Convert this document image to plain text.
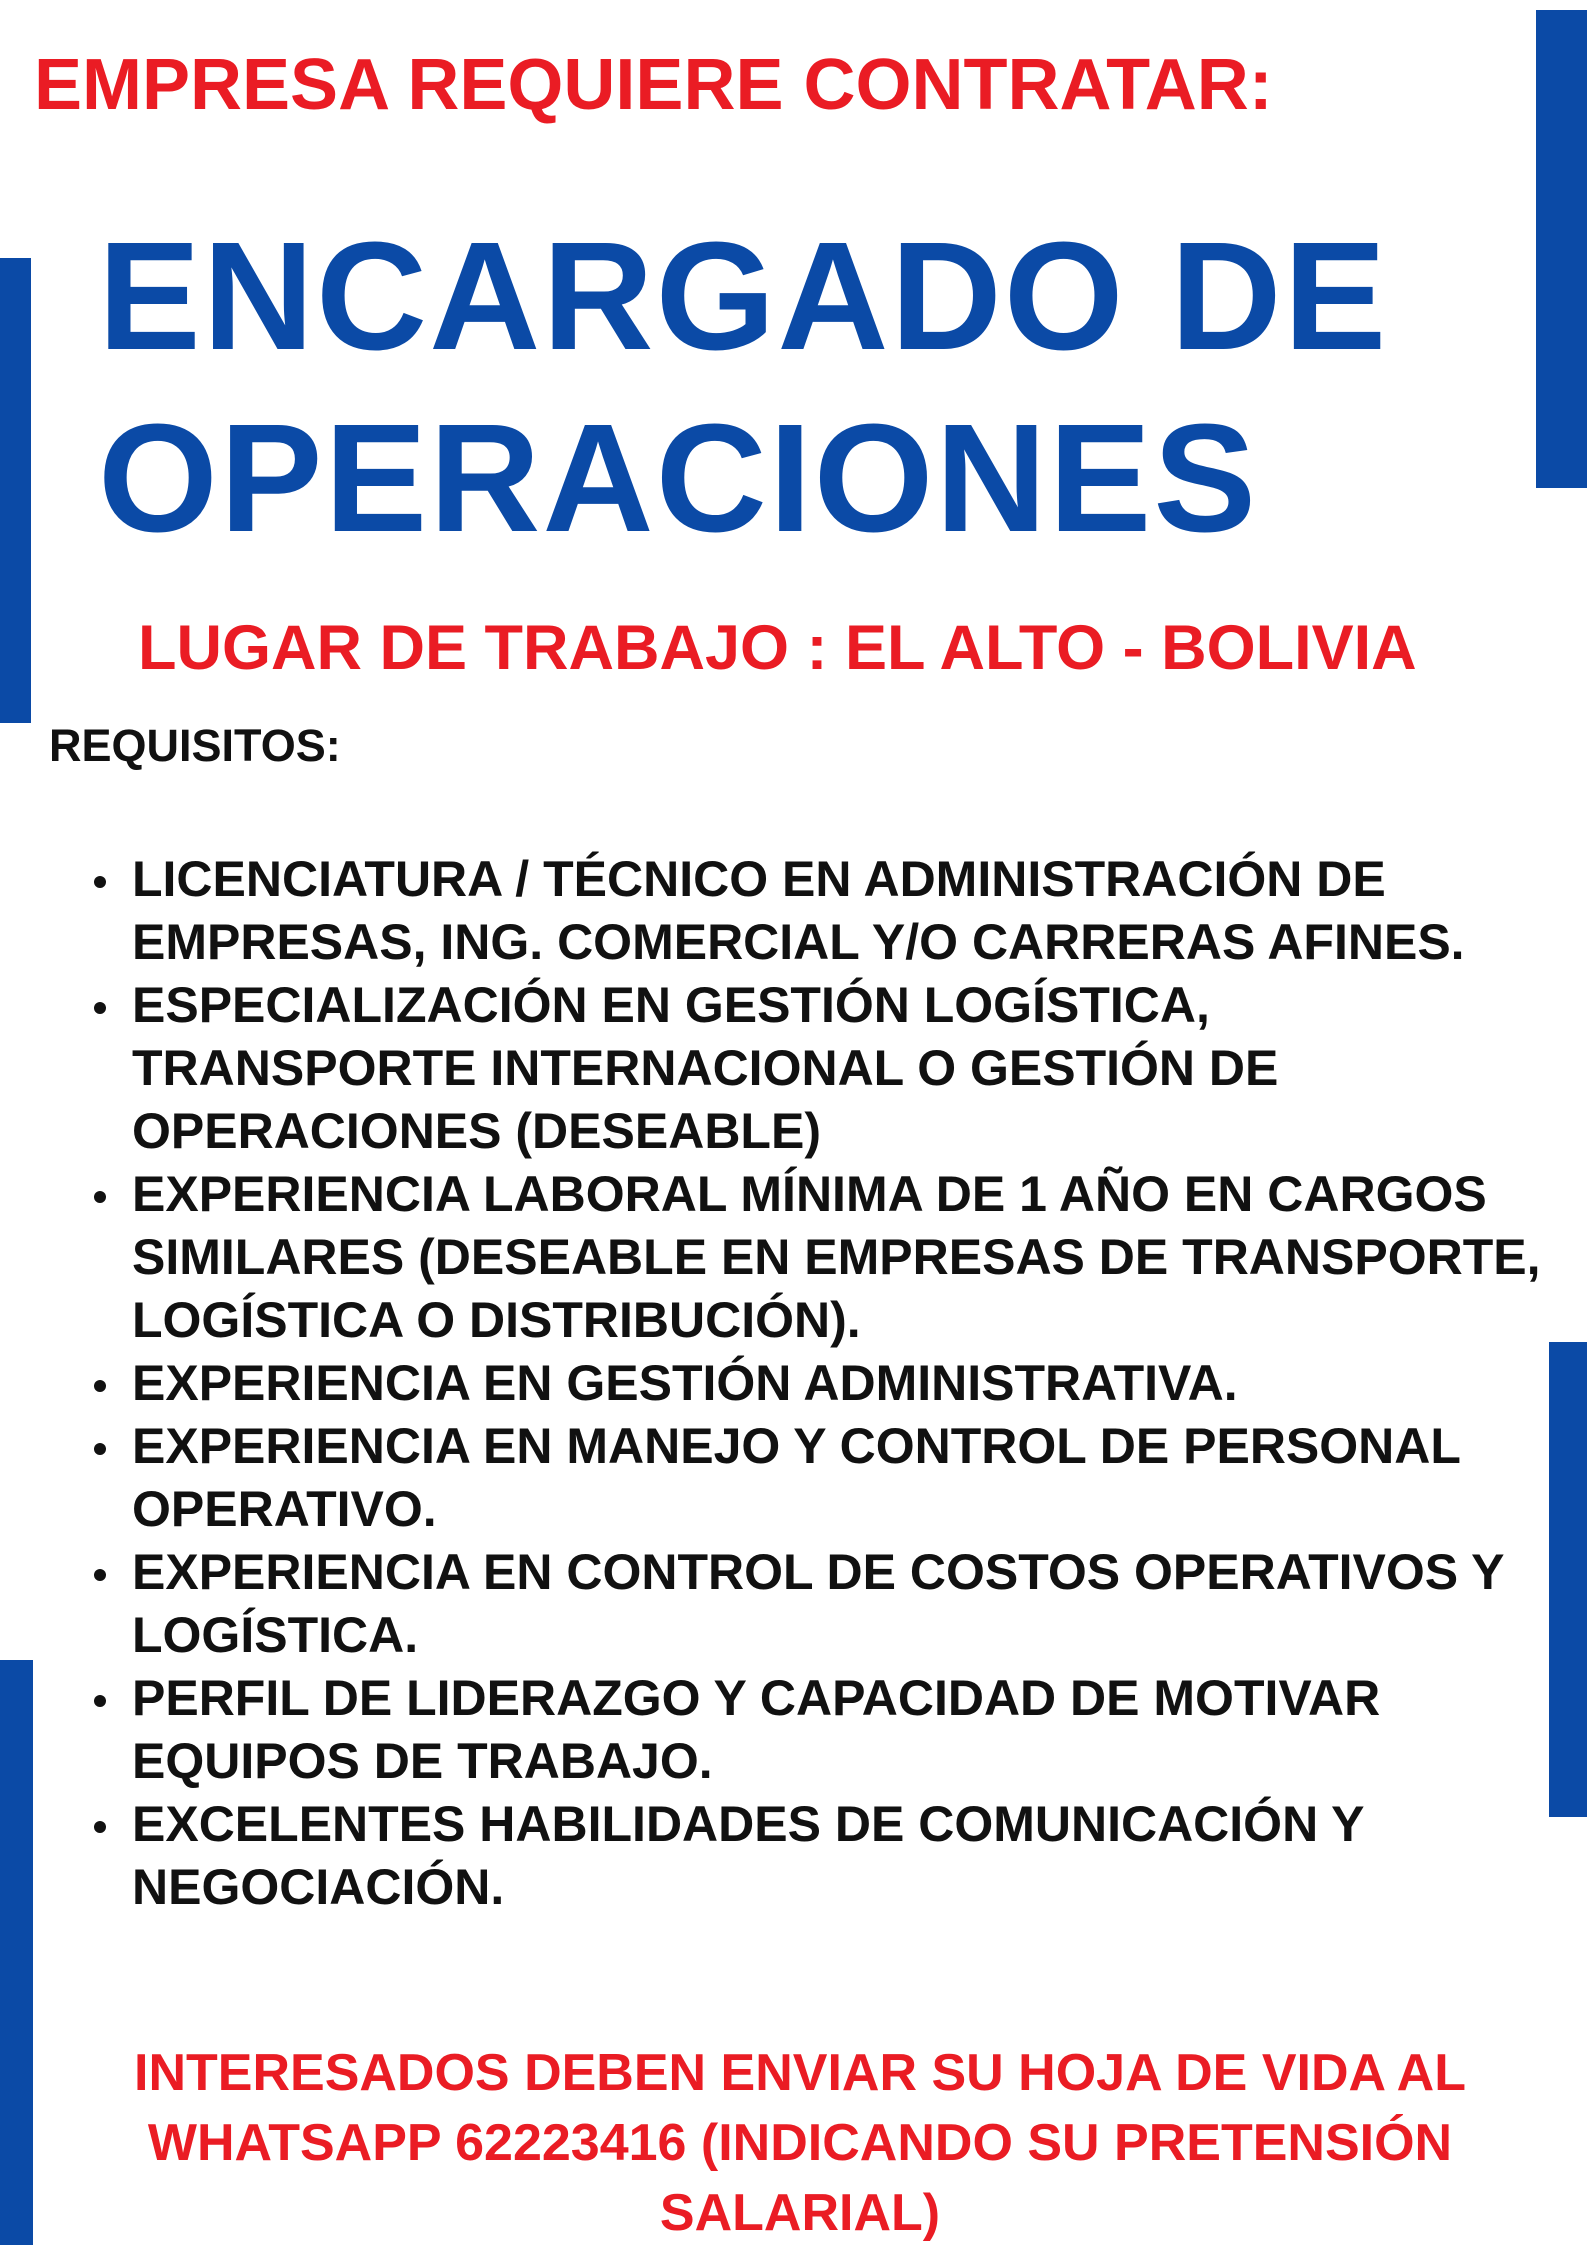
EMPRESA REQUIERE CONTRATAR:
ENCARGADO DE
OPERACIONES
LUGAR DE TRABAJO : EL ALTO - BOLIVIA
REQUISITOS:
LICENCIATURA / TÉCNICO EN ADMINISTRACIÓN DE EMPRESAS, ING. COMERCIAL Y/O CARRERAS AFINES.
ESPECIALIZACIÓN EN GESTIÓN LOGÍSTICA, TRANSPORTE INTERNACIONAL O GESTIÓN DE OPERACIONES (DESEABLE)
EXPERIENCIA LABORAL MÍNIMA DE 1 AÑO EN CARGOS SIMILARES (DESEABLE EN EMPRESAS DE TRANSPORTE, LOGÍSTICA O DISTRIBUCIÓN).
EXPERIENCIA EN GESTIÓN ADMINISTRATIVA.
EXPERIENCIA EN MANEJO Y CONTROL DE PERSONAL OPERATIVO.
EXPERIENCIA EN CONTROL DE COSTOS OPERATIVOS Y LOGÍSTICA.
PERFIL DE LIDERAZGO Y CAPACIDAD DE MOTIVAR EQUIPOS DE TRABAJO.
EXCELENTES HABILIDADES DE COMUNICACIÓN Y NEGOCIACIÓN.
INTERESADOS DEBEN ENVIAR SU HOJA DE VIDA AL WHATSAPP 62223416 (INDICANDO SU PRETENSIÓN SALARIAL)
